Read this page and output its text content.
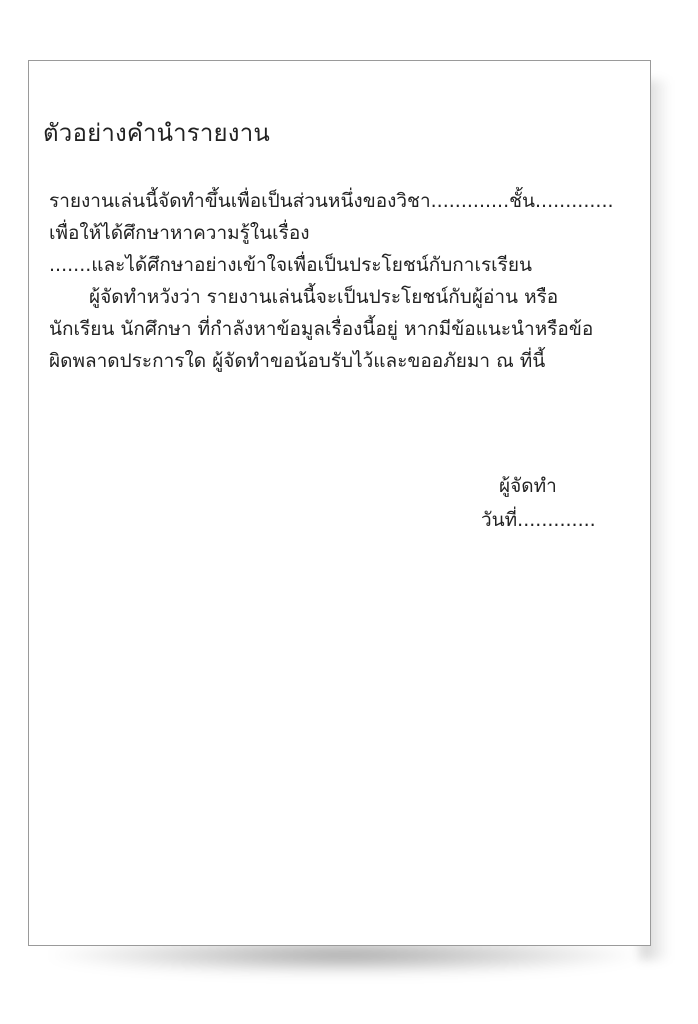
ตัวอย่างคำนำรายงาน
รายงานเล่นนี้จัดทำขึ้นเพื่อเป็นส่วนหนึ่งของวิชา.............ชั้น.............
เพื่อให้ได้ศึกษาหาความรู้ในเรื่อง
.......และได้ศึกษาอย่างเข้าใจเพื่อเป็นประโยชน์กับกาเรเรียน
ผู้จัดทำหวังว่า รายงานเล่นนี้จะเป็นประโยชน์กับผู้อ่าน หรือ
นักเรียน นักศึกษา ที่กำลังหาข้อมูลเรื่องนี้อยู่ หากมีข้อแนะนำหรือข้อ
ผิดพลาดประการใด ผู้จัดทำขอน้อบรับไว้และขออภัยมา ณ ที่นี้
ผู้จัดทำ
วันที่.............
